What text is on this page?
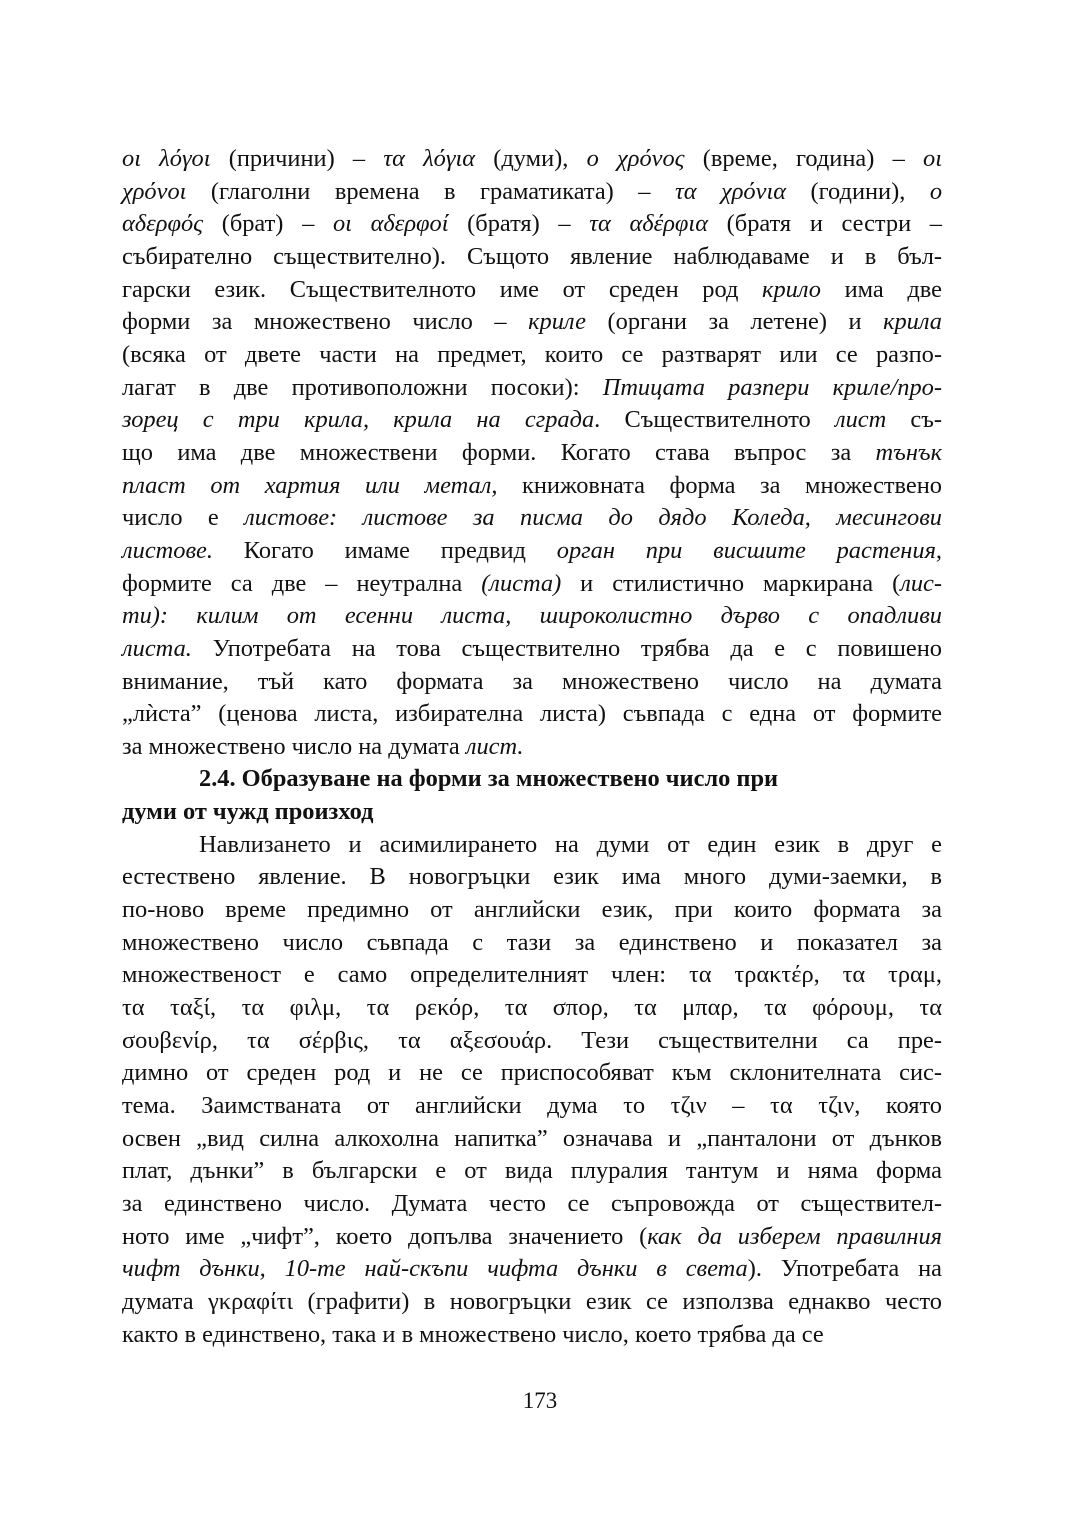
οι λόγοι (причини) – τα λόγια (думи), ο χρόνος (време, година) – οι
χρόνοι (глаголни времена в граматиката) – τα χρόνια (години), ο
αδερφός (брат) – οι αδερφοί (братя) – τα αδέρφια (братя и сестри –
събирателно съществително). Същото явление наблюдаваме и в бъл-
гарски език. Съществителното име от среден род крило има две
форми за множествено число – криле (органи за летене) и крила
(всяка от двете части на предмет, които се разтварят или се разпо-
лагат в две противоположни посоки): Птицата разпери криле/про-
зорец с три крила, крила на сграда. Съществителното лист съ-
що има две множествени форми. Когато става въпрос за тънък
пласт от хартия или метал, книжовната форма за множествено
число е листове: листове за писма до дядо Коледа, месингови
листове. Когато имаме предвид орган при висшите растения,
формите са две – неутрална (листа) и стилистично маркирана (лис-
ти): килим от есенни листа, широколистно дърво с опадливи
листа. Употребата на това съществително трябва да е с повишено
внимание, тъй като формата за множествено число на думата
„лѝста” (ценова листа, избирателна листа) съвпада с една от формите
за множествено число на думата лист.
2.4. Образуване на форми за множествено число при
думи от чужд произход
Навлизането и асимилирането на думи от един език в друг е
естествено явление. В новогръцки език има много думи-заемки, в
по-ново време предимно от английски език, при които формата за
множествено число съвпада с тази за единствено и показател за
множественост е само определителният член: τα τρακτέρ, τα τραμ,
τα ταξί, τα φιλμ, τα ρεκόρ, τα σπορ, τα μπαρ, τα φόρουμ, τα
σουβενίρ, τα σέρβις, τα αξεσουάρ. Тези съществителни са пре-
димно от среден род и не се приспособяват към склонителната сис-
тема. Заимстваната от английски дума το τζιν – τα τζιν, която
освен „вид силна алкохолна напитка” означава и „панталони от дънков
плат, дънки” в български е от вида плуралия тантум и няма форма
за единствено число. Думата често се съпровожда от съществител-
ното име „чифт”, което допълва значението (как да изберем правилния
чифт дънки, 10-те най-скъпи чифта дънки в света). Употребата на
думата γκραφίτι (графити) в новогръцки език се използва еднакво често
както в единствено, така и в множествено число, което трябва да се
173
